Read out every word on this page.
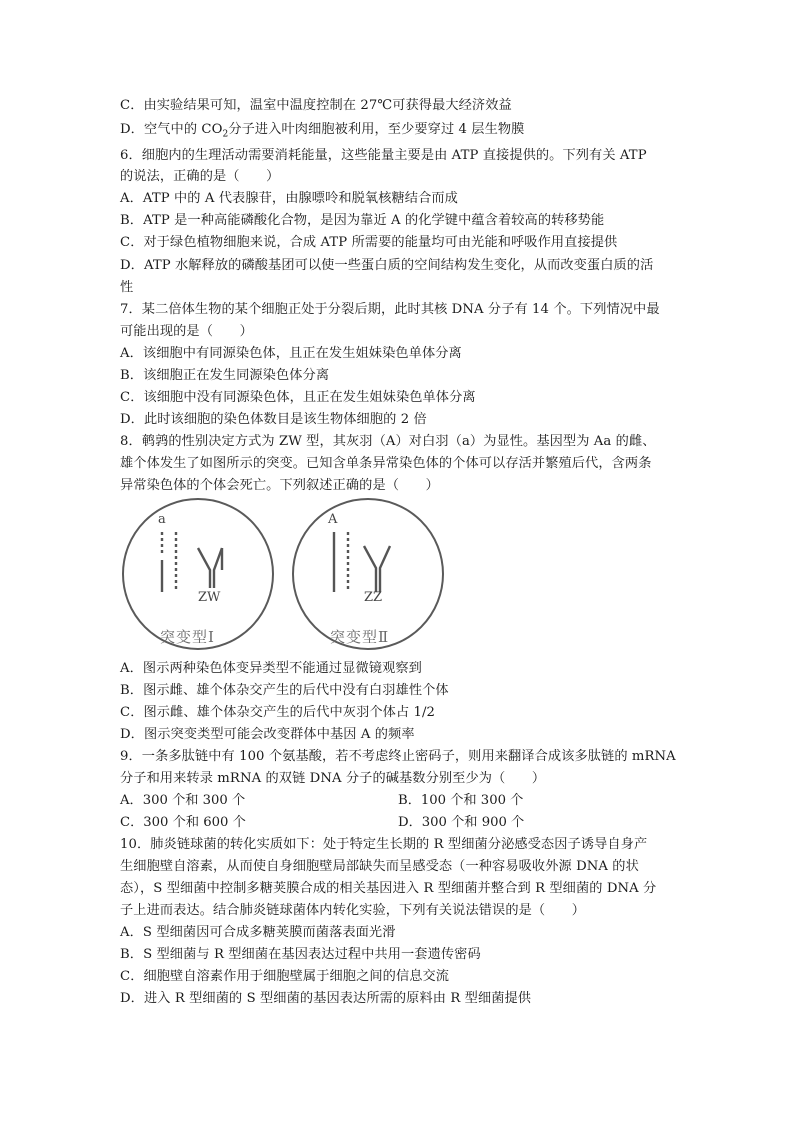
C．由实验结果可知，温室中温度控制在 27℃可获得最大经济效益
D．空气中的 $CO_2$分子进入叶肉细胞被利用，至少要穿过 4 层生物膜
6．细胞内的生理活动需要消耗能量，这些能量主要是由 ATP 直接提供的。下列有关 ATP
的说法，正确的是（　　）
A．ATP 中的 A 代表腺苷，由腺嘌呤和脱氧核糖结合而成
B．ATP 是一种高能磷酸化合物，是因为靠近 A 的化学键中蕴含着较高的转移势能
C．对于绿色植物细胞来说，合成 ATP 所需要的能量均可由光能和呼吸作用直接提供
D．ATP 水解释放的磷酸基团可以使一些蛋白质的空间结构发生变化，从而改变蛋白质的活
性
7．某二倍体生物的某个细胞正处于分裂后期，此时其核 DNA 分子有 14 个。下列情况中最
可能出现的是（　　）
A．该细胞中有同源染色体，且正在发生姐妹染色单体分离
B．该细胞正在发生同源染色体分离
C．该细胞中没有同源染色体，且正在发生姐妹染色单体分离
D．此时该细胞的染色体数目是该生物体细胞的 2 倍
8．鹌鹑的性别决定方式为 ZW 型，其灰羽（A）对白羽（a）为显性。基因型为 Aa 的雌、
雄个体发生了如图所示的突变。已知含单条异常染色体的个体可以存活并繁殖后代，含两条
异常染色体的个体会死亡。下列叙述正确的是（　　）
a
ZW
A
ZZ
突变型Ⅰ	突变型Ⅱ
A．图示两种染色体变异类型不能通过显微镜观察到
B．图示雌、雄个体杂交产生的后代中没有白羽雄性个体
C．图示雌、雄个体杂交产生的后代中灰羽个体占 1/2
D．图示突变类型可能会改变群体中基因 A 的频率
9．一条多肽链中有 100 个氨基酸，若不考虑终止密码子，则用来翻译合成该多肽链的 mRNA
分子和用来转录 mRNA 的双链 DNA 分子的碱基数分别至少为（　　）
A．300 个和 300 个	B．100 个和 300 个
C．300 个和 600 个	D．300 个和 900 个
10．肺炎链球菌的转化实质如下：处于特定生长期的 R 型细菌分泌感受态因子诱导自身产
生细胞壁自溶素，从而使自身细胞壁局部缺失而呈感受态（一种容易吸收外源 DNA 的状
态），S 型细菌中控制多糖荚膜合成的相关基因进入 R 型细菌并整合到 R 型细菌的 DNA 分
子上进而表达。结合肺炎链球菌体内转化实验，下列有关说法错误的是（　　）
A．S 型细菌因可合成多糖荚膜而菌落表面光滑
B．S 型细菌与 R 型细菌在基因表达过程中共用一套遗传密码
C．细胞壁自溶素作用于细胞壁属于细胞之间的信息交流
D．进入 R 型细菌的 S 型细菌的基因表达所需的原料由 R 型细菌提供
